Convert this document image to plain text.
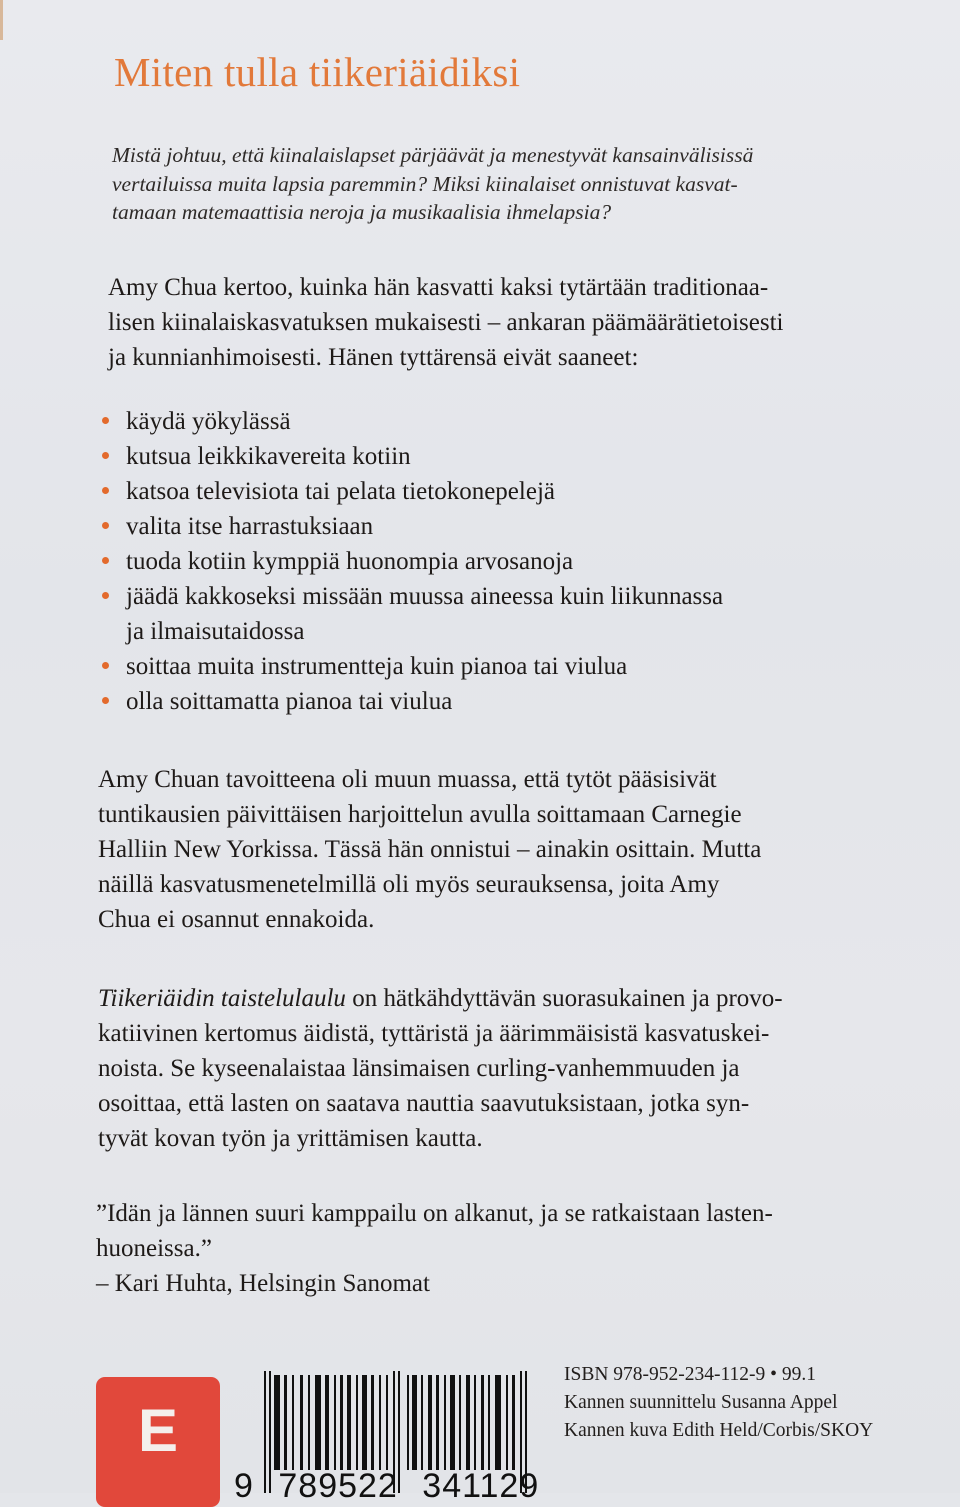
Miten tulla tiikeriäidiksi
Mistä johtuu, että kiinalaislapset pärjäävät ja menestyvät kansainvälisissä
vertailuissa muita lapsia paremmin? Miksi kiinalaiset onnistuvat kasvat-
tamaan matemaattisia neroja ja musikaalisia ihmelapsia?
Amy Chua kertoo, kuinka hän kasvatti kaksi tytärtään traditionaa-
lisen kiinalaiskasvatuksen mukaisesti – ankaran päämäärätietoisesti
ja kunnianhimoisesti. Hänen tyttärensä eivät saaneet:
käydä yökylässä
kutsua leikkikavereita kotiin
katsoa televisiota tai pelata tietokonepelejä
valita itse harrastuksiaan
tuoda kotiin kymppiä huonompia arvosanoja
jäädä kakkoseksi missään muussa aineessa kuin liikunnassa
ja ilmaisutaidossa
soittaa muita instrumentteja kuin pianoa tai viulua
olla soittamatta pianoa tai viulua
Amy Chuan tavoitteena oli muun muassa, että tytöt pääsisivät
tuntikausien päivittäisen harjoittelun avulla soittamaan Carnegie
Halliin New Yorkissa. Tässä hän onnistui – ainakin osittain. Mutta
näillä kasvatusmenetelmillä oli myös seurauksensa, joita Amy
Chua ei osannut ennakoida.
Tiikeriäidin taistelulaulu on hätkähdyttävän suorasukainen ja provo-
katiivinen kertomus äidistä, tyttäristä ja äärimmäisistä kasvatuskei-
noista. Se kyseenalaistaa länsimaisen curling-vanhemmuuden ja
osoittaa, että lasten on saatava nauttia saavutuksistaan, jotka syn-
tyvät kovan työn ja yrittämisen kautta.
”Idän ja lännen suuri kamppailu on alkanut, ja se ratkaistaan lasten-
huoneissa.”
– Kari Huhta, Helsingin Sanomat
E
9 789522 341129
ISBN 978-952-234-112-9 • 99.1
Kannen suunnittelu Susanna Appel
Kannen kuva Edith Held/Corbis/SKOY
